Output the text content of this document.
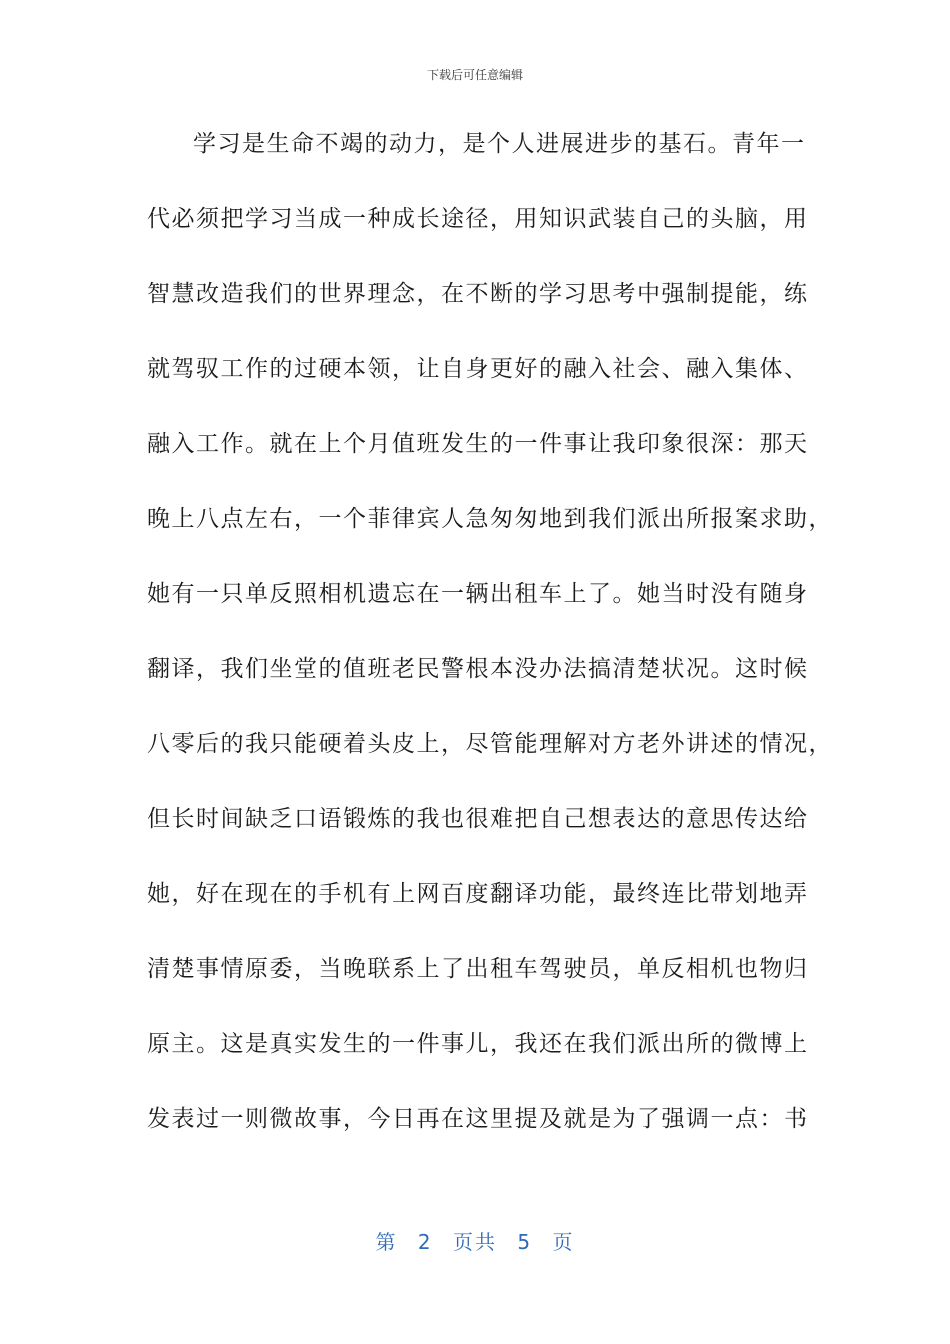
下载后可任意编辑
学习是生命不竭的动力，是个人进展进步的基石。青年一
代必须把学习当成一种成长途径，用知识武装自己的头脑，用
智慧改造我们的世界理念，在不断的学习思考中强制提能，练
就驾驭工作的过硬本领，让自身更好的融入社会、融入集体、
融入工作。就在上个月值班发生的一件事让我印象很深：那天
晚上八点左右，一个菲律宾人急匆匆地到我们派出所报案求助，
她有一只单反照相机遗忘在一辆出租车上了。她当时没有随身
翻译，我们坐堂的值班老民警根本没办法搞清楚状况。这时候
八零后的我只能硬着头皮上，尽管能理解对方老外讲述的情况，
但长时间缺乏口语锻炼的我也很难把自己想表达的意思传达给
她，好在现在的手机有上网百度翻译功能，最终连比带划地弄
清楚事情原委，当晚联系上了出租车驾驶员，单反相机也物归
原主。这是真实发生的一件事儿，我还在我们派出所的微博上
发表过一则微故事，今日再在这里提及就是为了强调一点：书
第 2 页共 5 页
